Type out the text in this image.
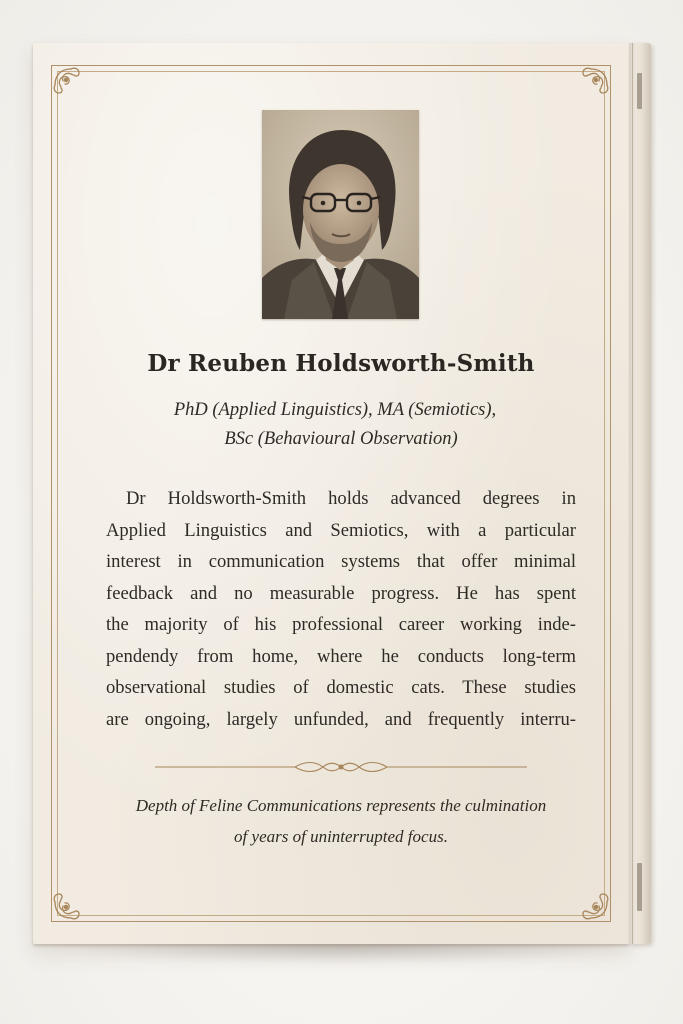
Dr Reuben Holdsworth-Smith
PhD (Applied Linguistics), MA (Semiotics),
BSc (Behavioural Observation)
Dr Holdsworth-Smith holds advanced degrees in
Applied Linguistics and Semiotics, with a particular
interest in communication systems that offer minimal
feedback and no measurable progress. He has spent
the majority of his professional career working inde-
pendendy from home, where he conducts long-term
observational studies of domestic cats. These studies
are ongoing, largely unfunded, and frequently interru-
Depth of Feline Communications represents the culmination
of years of uninterrupted focus.
